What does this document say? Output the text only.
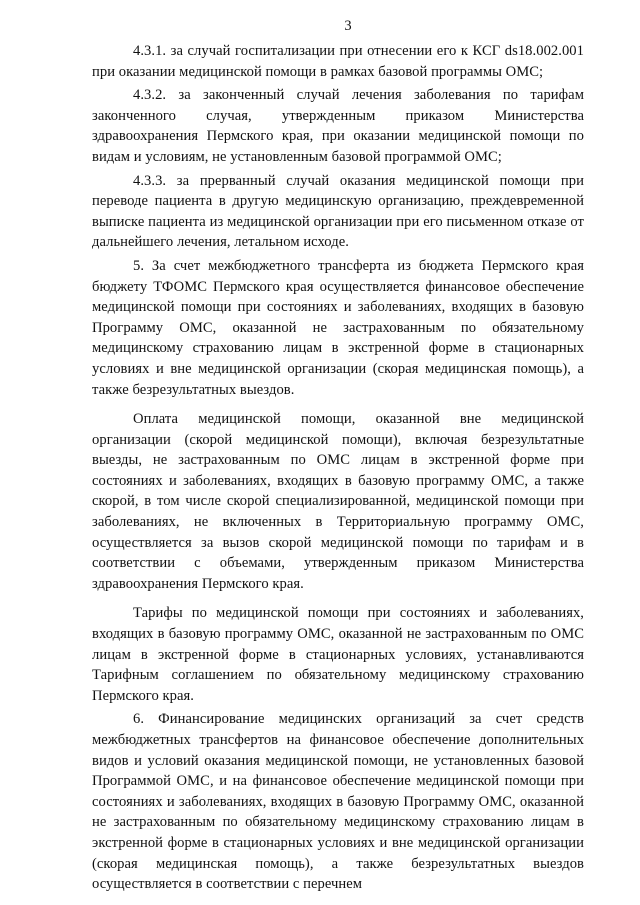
3

4.3.1. за случай госпитализации при отнесении его к КСГ ds18.002.001 при оказании медицинской помощи в рамках базовой программы ОМС;

4.3.2. за законченный случай лечения заболевания по тарифам законченного случая, утвержденным приказом Министерства здравоохранения Пермского края, при оказании медицинской помощи по видам и условиям, не установленным базовой программой ОМС;

4.3.3. за прерванный случай оказания медицинской помощи при переводе пациента в другую медицинскую организацию, преждевременной выписке пациента из медицинской организации при его письменном отказе от дальнейшего лечения, летальном исходе.

5. За счет межбюджетного трансферта из бюджета Пермского края бюджету ТФОМС Пермского края осуществляется финансовое обеспечение медицинской помощи при состояниях и заболеваниях, входящих в базовую Программу ОМС, оказанной не застрахованным по обязательному медицинскому страхованию лицам в экстренной форме в стационарных условиях и вне медицинской организации (скорая медицинская помощь), а также безрезультатных выездов.

Оплата медицинской помощи, оказанной вне медицинской организации (скорой медицинской помощи), включая безрезультатные выезды, не застрахованным по ОМС лицам в экстренной форме при состояниях и заболеваниях, входящих в базовую программу ОМС, а также скорой, в том числе скорой специализированной, медицинской помощи при заболеваниях, не включенных в Территориальную программу ОМС, осуществляется за вызов скорой медицинской помощи по тарифам и в соответствии с объемами, утвержденным приказом Министерства здравоохранения Пермского края.

Тарифы по медицинской помощи при состояниях и заболеваниях, входящих в базовую программу ОМС, оказанной не застрахованным по ОМС лицам в экстренной форме в стационарных условиях, устанавливаются Тарифным соглашением по обязательному медицинскому страхованию Пермского края.

6. Финансирование медицинских организаций за счет средств межбюджетных трансфертов на финансовое обеспечение дополнительных видов и условий оказания медицинской помощи, не установленных базовой Программой ОМС, и на финансовое обеспечение медицинской помощи при состояниях и заболеваниях, входящих в базовую Программу ОМС, оказанной не застрахованным по обязательному медицинскому страхованию лицам в экстренной форме в стационарных условиях и вне медицинской организации (скорая медицинская помощь), а также безрезультатных выездов осуществляется в соответствии с перечнем
